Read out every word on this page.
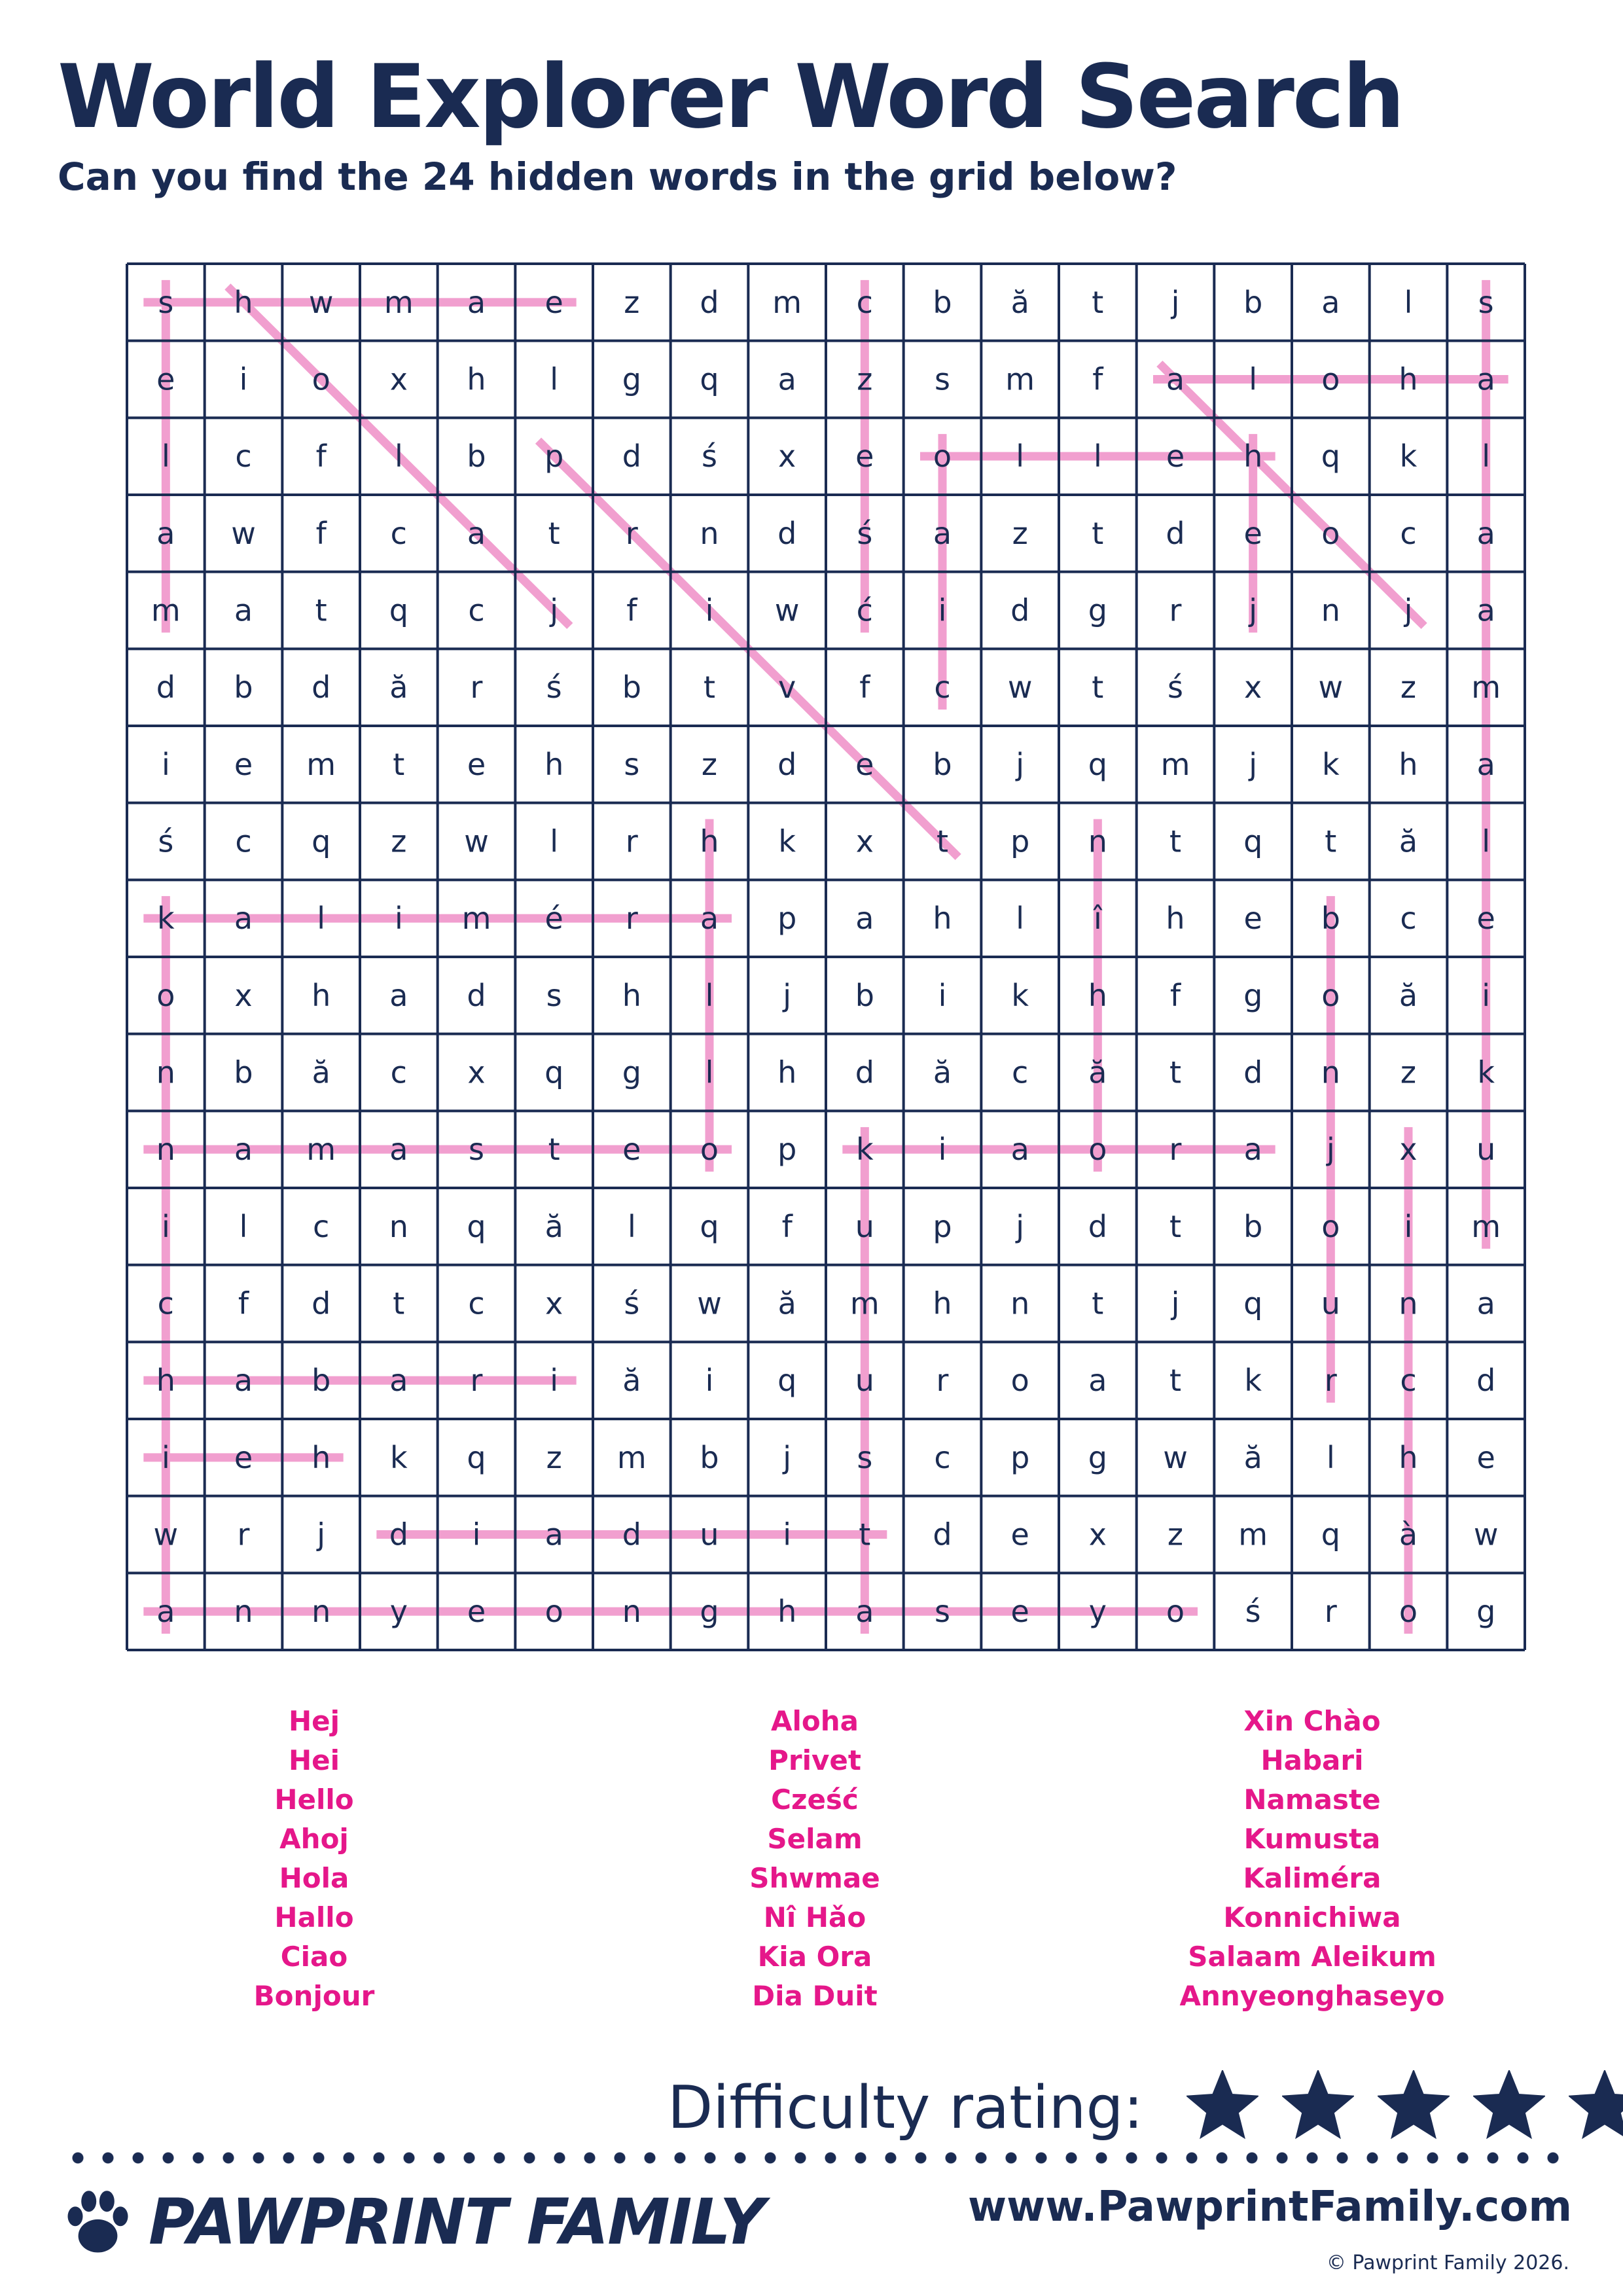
World Explorer Word Search
Can you find the 24 hidden words in the grid below?
s h w m a e z d m c b ă t j b a l s
e i o x h l g q a z s m f a l o h a
l c f l b p d ś x e o l l e h q k l
a w f c a t r n d ś a z t d e o c a
m a t q c j f i w ć i d g r j n j a
d b d ă r ś b t v f c w t ś x w z m
i e m t e h s z d e b j q m j k h a
ś c q z w l r h k x t p n t q t ă l
k a l i m é r a p a h l î h e b c e
o x h a d s h l j b i k h f g o ă i
n b ă c x q g l h d ă c ă t d n z k
n a m a s t e o p k i a o r a j x u
i l c n q ă l q f u p j d t b o i m
c f d t c x ś w ă m h n t j q u n a
h a b a r i ă i q u r o a t k r c d
i e h k q z m b j s c p g w ă l h e
w r j d i a d u i t d e x z m q à w
a n n y e o n g h a s e y o ś r o g
Hej
Hei
Hello
Ahoj
Hola
Hallo
Ciao
Bonjour
Aloha
Privet
Cześć
Selam
Shwmae
Nî Hǎo
Kia Ora
Dia Duit
Xin Chào
Habari
Namaste
Kumusta
Kaliméra
Konnichiwa
Salaam Aleikum
Annyeonghaseyo
Difficulty rating:
PAWPRINT FAMILY	www.PawprintFamily.com
© Pawprint Family 2026.
